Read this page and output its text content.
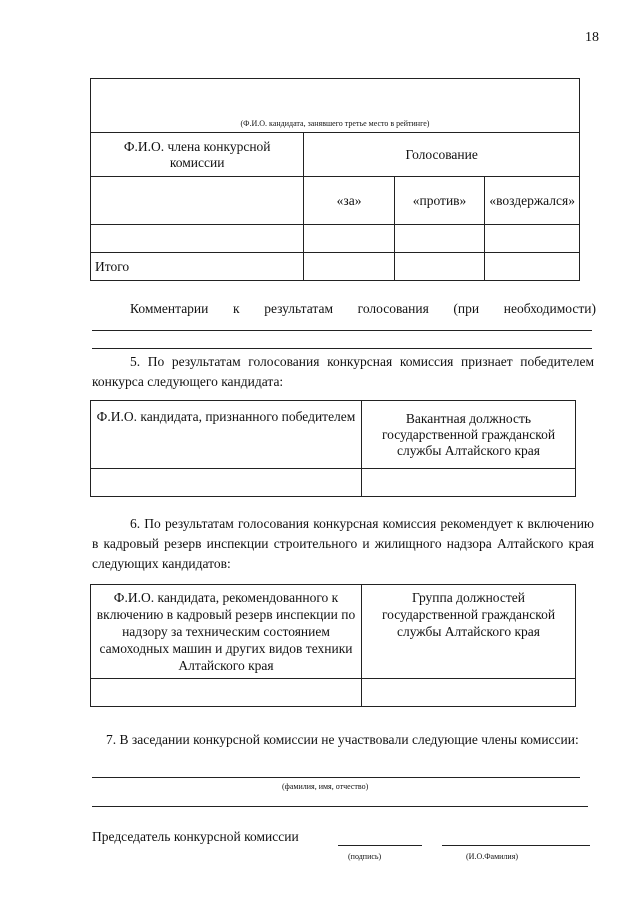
18
(Ф.И.О. кандидата, занявшего третье место в рейтинге)			
Ф.И.О. члена конкурсной комиссии	Голосование		
	«за»	«против»	«воздержался»

Итого			
Комментарии к результатам голосования (при необходимости)
5. По результатам голосования конкурсная комиссия признает победителем конкурса следующего кандидата:
Ф.И.О. кандидата, признанного победителем	Вакантная должность государственной гражданской службы Алтайского края

6. По результатам голосования конкурсная комиссия рекомендует к включению в кадровый резерв инспекции строительного и жилищного надзора Алтайского края следующих кандидатов:
Ф.И.О. кандидата, рекомендованного к включению в кадровый резерв инспекции по надзору за техническим состоянием самоходных машин и других видов техники Алтайского края	Группа должностей государственной гражданской службы Алтайского края

7. В заседании конкурсной комиссии не участвовали следующие члены комиссии:
(фамилия, имя, отчество)
Председатель конкурсной комиссии
(подпись)	(И.О.Фамилия)
